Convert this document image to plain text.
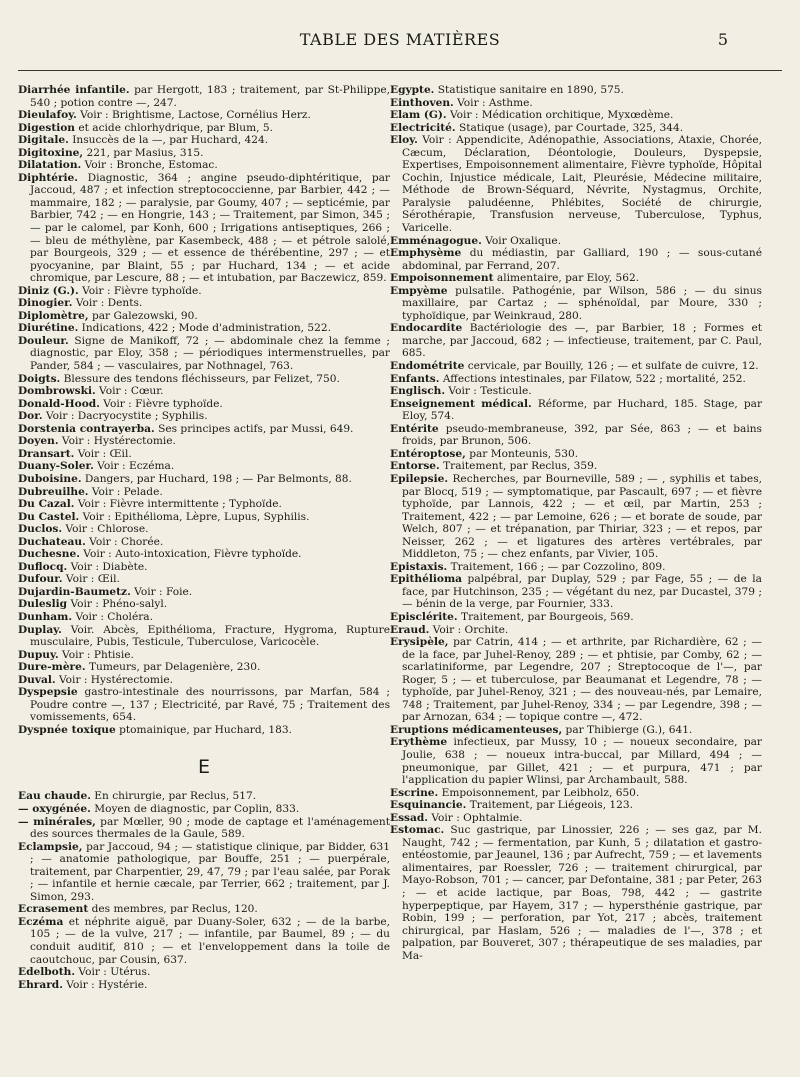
TABLE DES MATIÈRES	5

Diarrhée infantile. par Hergott, 183 ; traitement, par St-Philippe, 540 ; potion contre —, 247.

Dieulafoy. Voir : Brightisme, Lactose, Cornélius Herz.

Digestion et acide chlorhydrique, par Blum, 5.

Digitale. Insuccès de la —, par Huchard, 424.

Digitoxine, 221, par Masius, 315.

Dilatation. Voir : Bronche, Estomac.

Diphtérie. Diagnostic, 364 ; angine pseudo-diphtéritique, par Jaccoud, 487 ; et infection streptococcienne, par Barbier, 442 ; — mammaire, 182 ; — paralysie, par Goumy, 407 ; — septicémie, par Barbier, 742 ; — en Hongrie, 143 ; — Traitement, par Simon, 345 ; — par le calomel, par Konh, 600 ; Irrigations antiseptiques, 266 ; — bleu de méthylène, par Kasembeck, 488 ; — et pétrole salolé, par Bourgeois, 329 ; — et essence de thérébentine, 297 ; — et pyocyanine, par Blaint, 55 ; par Huchard, 134 ; — et acide chromique, par Lescure, 88 ; — et intubation, par Baczewicz, 859.

Diniz (G.). Voir : Fièvre typhoïde.

Dinogier. Voir : Dents.

Diplomètre, par Galezowski, 90.

Diurétine. Indications, 422 ; Mode d'administration, 522.

Douleur. Signe de Manikoff, 72 ; — abdominale chez la femme ; diagnostic, par Eloy, 358 ; — périodiques intermenstruelles, par Pander, 584 ; — vasculaires, par Nothnagel, 763.

Doigts. Blessure des tendons fléchisseurs, par Felizet, 750.

Dombrowski. Voir : Cœur.

Donald-Hood. Voir : Fièvre typhoïde.

Dor. Voir : Dacryocystite ; Syphilis.

Dorstenia contrayerba. Ses principes actifs, par Mussi, 649.

Doyen. Voir : Hystérectomie.

Dransart. Voir : Œil.

Duany-Soler. Voir : Eczéma.

Duboisine. Dangers, par Huchard, 198 ; — Par Belmonts, 88.

Dubreuilhe. Voir : Pelade.

Du Cazal. Voir : Fièvre intermittente ; Typhoïde.

Du Castel. Voir : Epithélioma, Lèpre, Lupus, Syphilis.

Duclos. Voir : Chlorose.

Duchateau. Voir : Chorée.

Duchesne. Voir : Auto-intoxication, Fièvre typhoïde.

Duflocq. Voir : Diabète.

Dufour. Voir : Œil.

Dujardin-Baumetz. Voir : Foie.

Duleslig Voir : Phéno-salyl.

Dunham. Voir : Choléra.

Duplay. Voir. Abcès, Epithélioma, Fracture, Hygroma, Rupture musculaire, Pubis, Testicule, Tuberculose, Varicocèle.

Dupuy. Voir : Phtisie.

Dure-mère. Tumeurs, par Delagenière, 230.

Duval. Voir : Hystérectomie.

Dyspepsie gastro-intestinale des nourrissons, par Marfan, 584 ; Poudre contre —, 137 ; Electricité, par Ravé, 75 ; Traitement des vomissements, 654.

Dyspnée toxique ptomainique, par Huchard, 183.

E

Eau chaude. En chirurgie, par Reclus, 517.

— oxygénée. Moyen de diagnostic, par Coplin, 833.

— minérales, par Mœller, 90 ; mode de captage et l'aménagement des sources thermales de la Gaule, 589.

Eclampsie, par Jaccoud, 94 ; — statistique clinique, par Bidder, 631 ; — anatomie pathologique, par Bouffe, 251 ; — puerpérale, traitement, par Charpentier, 29, 47, 79 ; par l'eau salée, par Porak ; — infantile et hernie cæcale, par Terrier, 662 ; traitement, par J. Simon, 293.

Ecrasement des membres, par Reclus, 120.

Eczéma et néphrite aiguë, par Duany-Soler, 632 ; — de la barbe, 105 ; — de la vulve, 217 ; — infantile, par Baumel, 89 ; — du conduit auditif, 810 ; — et l'enveloppement dans la toile de caoutchouc, par Cousin, 637.

Edelboth. Voir : Utérus.

Ehrard. Voir : Hystérie.

Egypte. Statistique sanitaire en 1890, 575.

Einthoven. Voir : Asthme.

Elam (G). Voir : Médication orchitique, Myxœdème.

Electricité. Statique (usage), par Courtade, 325, 344.

Eloy. Voir : Appendicite, Adénopathie, Associations, Ataxie, Chorée, Cæcum, Déclaration, Déontologie, Douleurs, Dyspepsie, Expertises, Empoisonnement alimentaire, Fièvre typhoïde, Hôpital Cochin, Injustice médicale, Lait, Pleurésie, Médecine militaire, Méthode de Brown-Séquard, Névrite, Nystagmus, Orchite, Paralysie paludéenne, Phlébites, Société de chirurgie, Sérothérapie, Transfusion nerveuse, Tuberculose, Typhus, Varicelle.

Emménagogue. Voir Oxalique.

Emphysème du médiastin, par Galliard, 190 ; — sous-cutané abdominal, par Ferrand, 207.

Empoisonnement alimentaire, par Eloy, 562.

Empyème pulsatile. Pathogénie, par Wilson, 586 ; — du sinus maxillaire, par Cartaz ; — sphénoïdal, par Moure, 330 ; typhoïdique, par Weinkraud, 280.

Endocardite Bactériologie des —, par Barbier, 18 ; Formes et marche, par Jaccoud, 682 ; — infectieuse, traitement, par C. Paul, 685.

Endométrite cervicale, par Bouilly, 126 ; — et sulfate de cuivre, 12.

Enfants. Affections intestinales, par Filatow, 522 ; mortalité, 252.

Englisch. Voir : Testicule.

Enseignement médical. Réforme, par Huchard, 185. Stage, par Eloy, 574.

Entérite pseudo-membraneuse, 392, par Sée, 863 ; — et bains froids, par Brunon, 506.

Entéroptose, par Monteunis, 530.

Entorse. Traitement, par Reclus, 359.

Epilepsie. Recherches, par Bourneville, 589 ; — , syphilis et tabes, par Blocq, 519 ; — symptomatique, par Pascault, 697 ; — et fièvre typhoïde, par Lannois, 422 ; — et œil, par Martin, 253 ; Traitement, 422 ; — par Lemoine, 626 ; — et borate de soude, par Welch, 807 ; — et trépanation, par Thiriar, 323 ; — et repos, par Neisser, 262 ; — et ligatures des artères vertébrales, par Middleton, 75 ; — chez enfants, par Vivier, 105.

Epistaxis. Traitement, 166 ; — par Cozzolino, 809.

Epithélioma palpébral, par Duplay, 529 ; par Fage, 55 ; — de la face, par Hutchinson, 235 ; — végétant du nez, par Ducastel, 379 ; — bénin de la verge, par Fournier, 333.

Episclérite. Traitement, par Bourgeois, 569.

Eraud. Voir : Orchite.

Erysipèle, par Catrin, 414 ; — et arthrite, par Richardière, 62 ; — de la face, par Juhel-Renoy, 289 ; — et phtisie, par Comby, 62 ; — scarlatiniforme, par Legendre, 207 ; Streptocoque de l'—, par Roger, 5 ; — et tuberculose, par Beaumanat et Legendre, 78 ; — typhoïde, par Juhel-Renoy, 321 ; — des nouveau-nés, par Lemaire, 748 ; Traitement, par Juhel-Renoy, 334 ; — par Legendre, 398 ; — par Arnozan, 634 ; — topique contre —, 472.

Eruptions médicamenteuses, par Thibierge (G.), 641.

Erythème infectieux, par Mussy, 10 ; — noueux secondaire, par Joulie, 638 ; — noueux intra-buccal, par Millard, 494 ; — pneumonique, par Gillet, 421 ; — et purpura, 471 ; par l'application du papier Wlinsi, par Archambault, 588.

Escrine. Empoisonnement, par Leibholz, 650.

Esquinancie. Traitement, par Liégeois, 123.

Essad. Voir : Ophtalmie.

Estomac. Suc gastrique, par Linossier, 226 ; — ses gaz, par M. Naught, 742 ; — fermentation, par Kunh, 5 ; dilatation et gastro-entéostomie, par Jeaunel, 136 ; par Aufrecht, 759 ; — et lavements alimentaires, par Roessler, 726 ; — traitement chirurgical, par Mayo-Robson, 701 ; — cancer, par Defontaine, 381 ; par Peter, 263 ; — et acide lactique, par Boas, 798, 442 ; — gastrite hyperpeptique, par Hayem, 317 ; — hypersthénie gastrique, par Robin, 199 ; — perforation, par Yot, 217 ; abcès, traitement chirurgical, par Haslam, 526 ; — maladies de l'—, 378 ; et palpation, par Bouveret, 307 ; thérapeutique de ses maladies, par Ma-
